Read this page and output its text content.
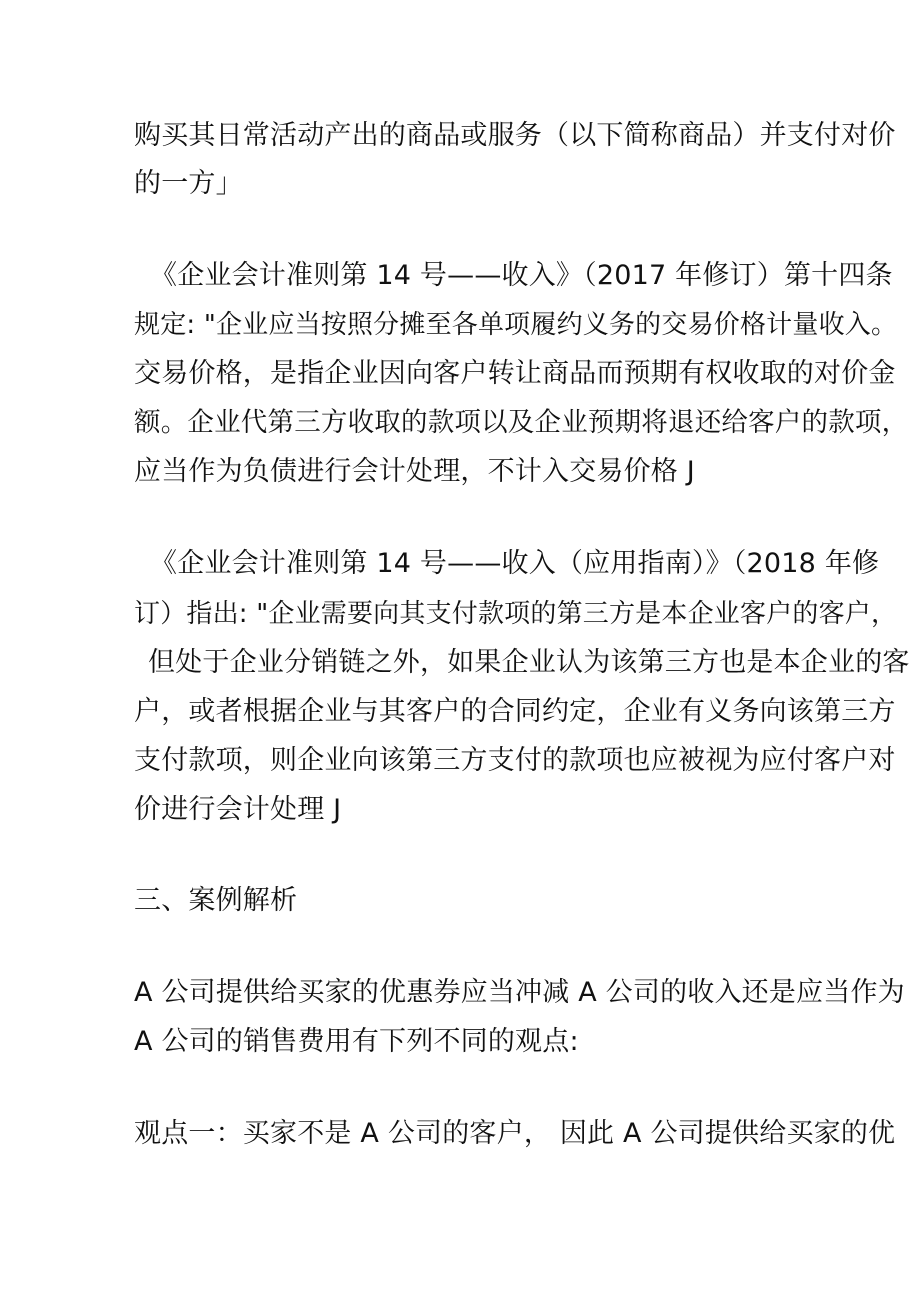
购买其日常活动产出的商品或服务（以下简称商品）并支付对价
的一方」
《企业会计准则第 14 号——收入》（2017 年修订）第十四条
规定: "企业应当按照分摊至各单项履约义务的交易价格计量收入。
交易价格，是指企业因向客户转让商品而预期有权收取的对价金
额。企业代第三方收取的款项以及企业预期将退还给客户的款项，
应当作为负债进行会计处理，不计入交易价格 J
《企业会计准则第 14 号——收入（应用指南）》（2018 年修
订）指出: "企业需要向其支付款项的第三方是本企业客户的客户，
但处于企业分销链之外，如果企业认为该第三方也是本企业的客
户，或者根据企业与其客户的合同约定，企业有义务向该第三方
支付款项，则企业向该第三方支付的款项也应被视为应付客户对
价进行会计处理 J
三、案例解析
A 公司提供给买家的优惠券应当冲减 A 公司的收入还是应当作为
A 公司的销售费用有下列不同的观点:
观点一：买家不是 A 公司的客户， 因此 A 公司提供给买家的优
